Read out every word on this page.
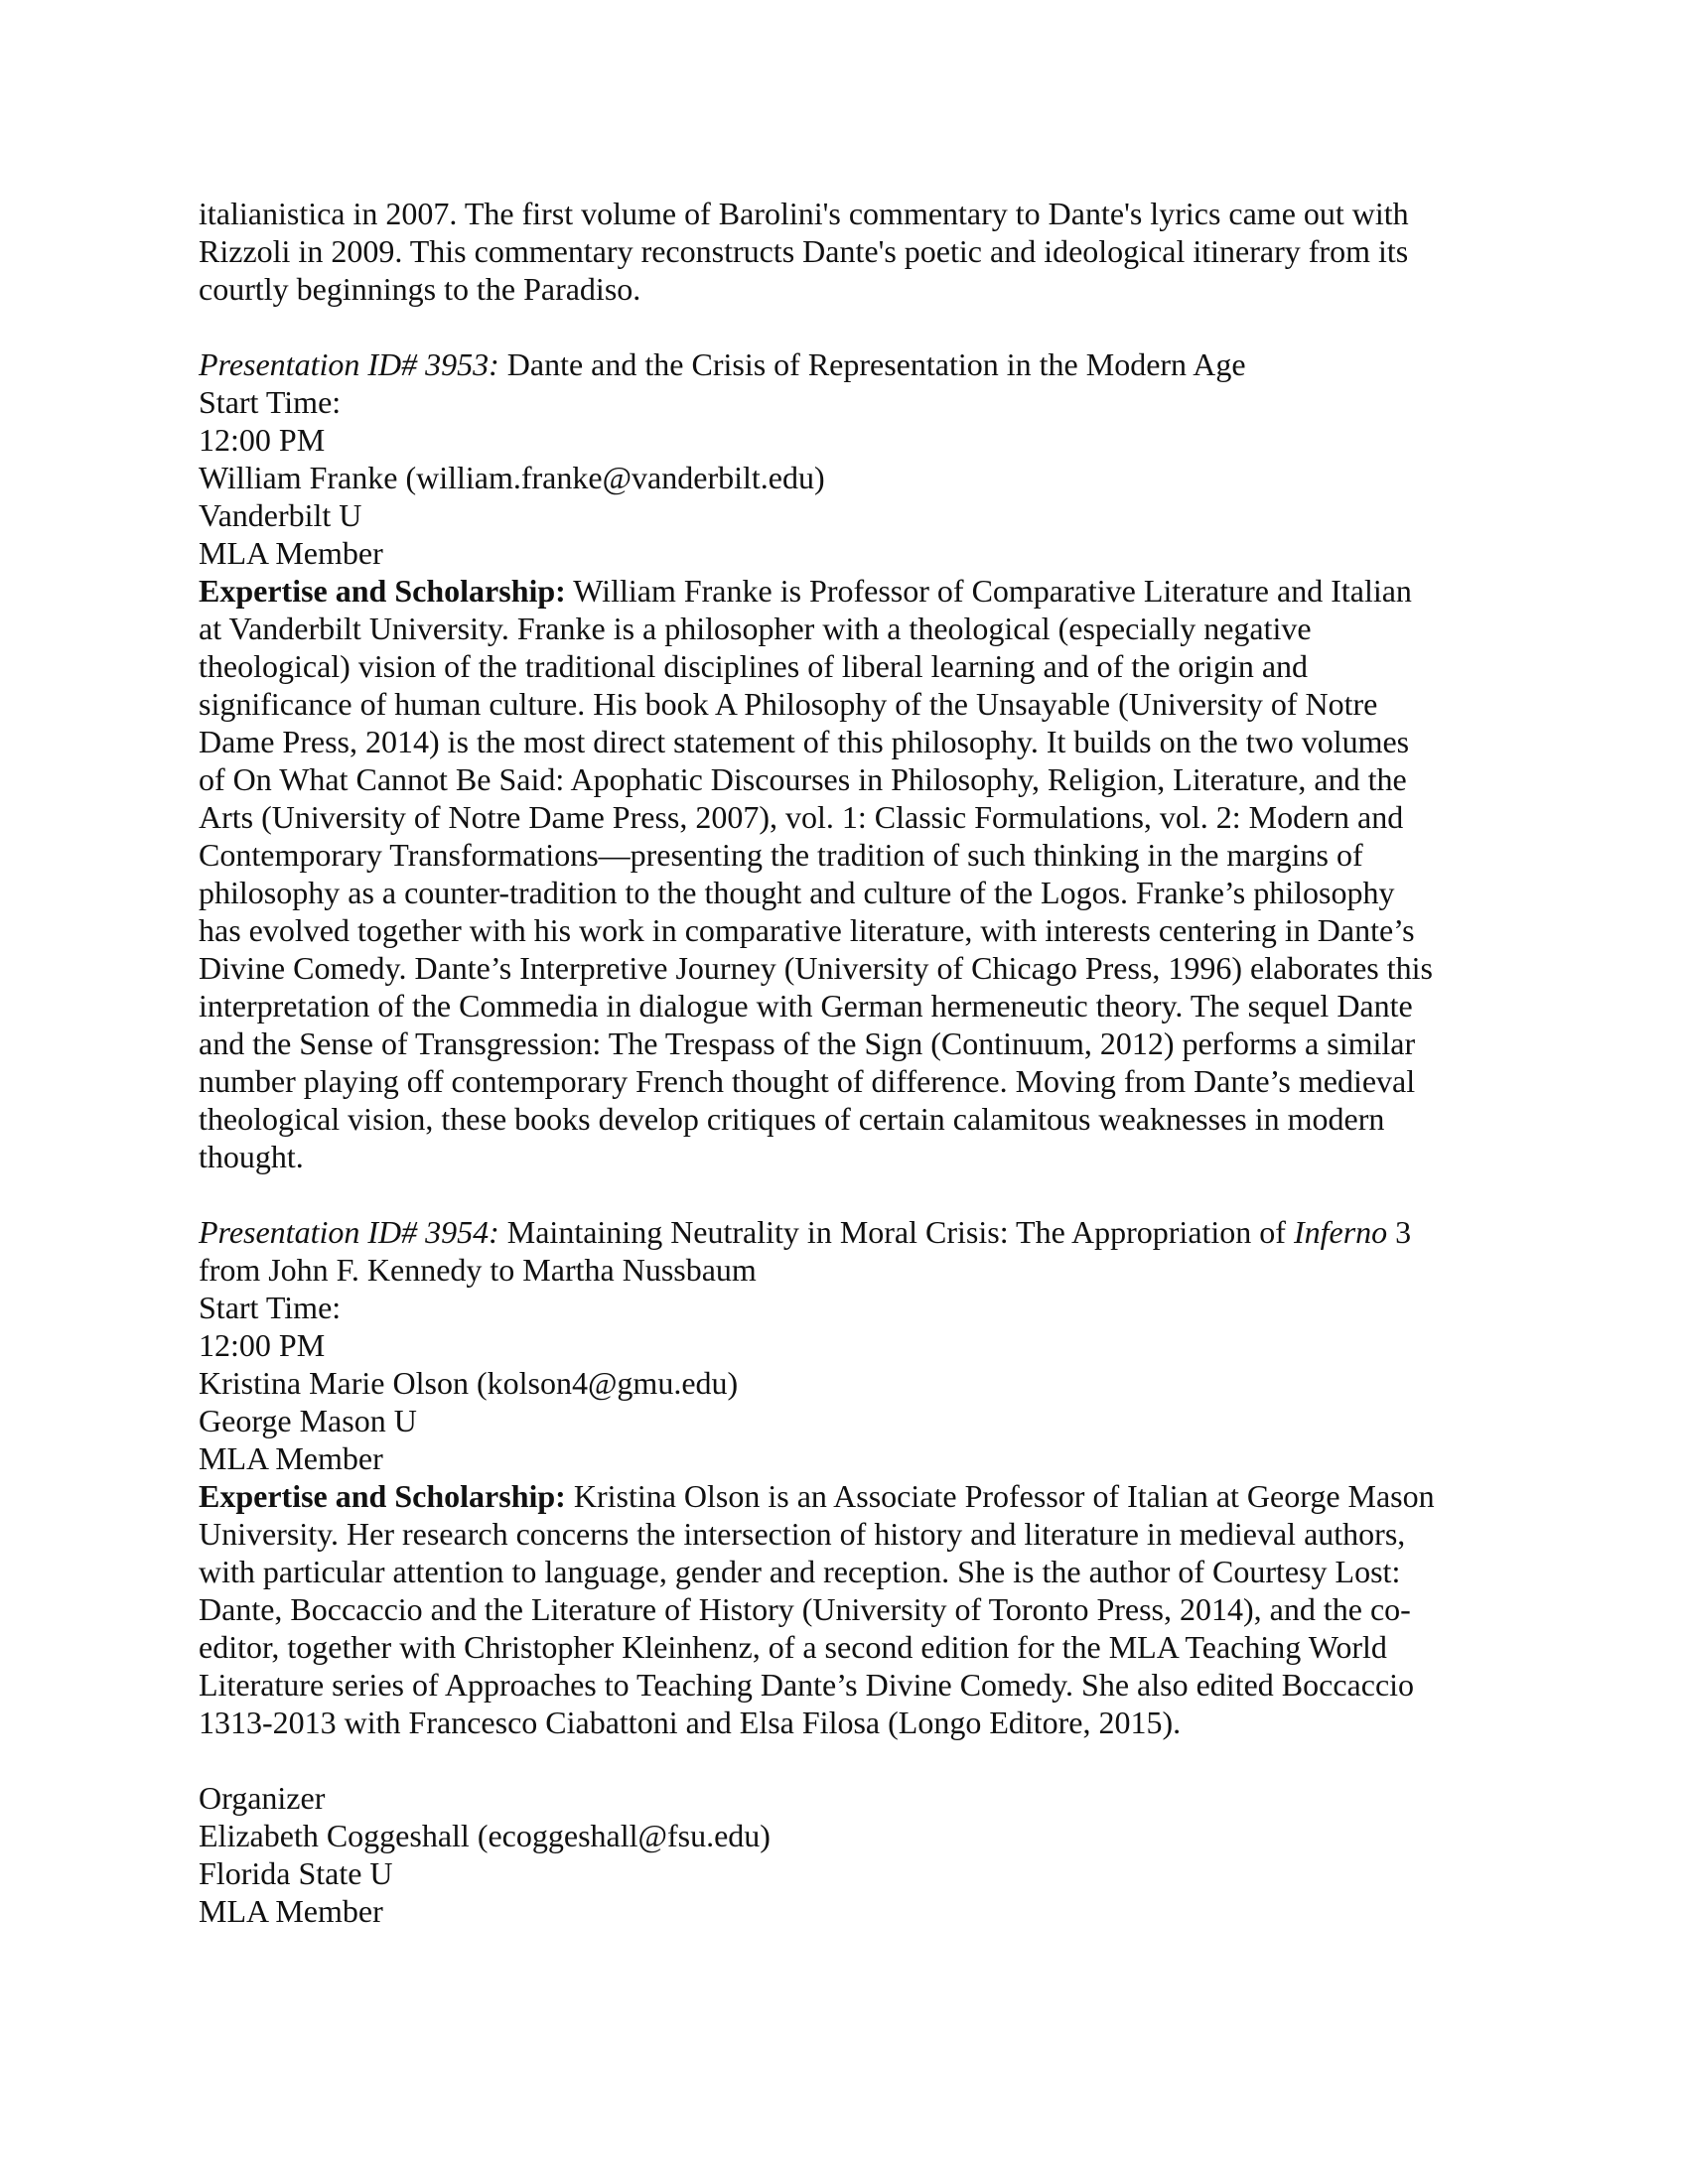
italianistica in 2007. The first volume of Barolini's commentary to Dante's lyrics came out with
Rizzoli in 2009. This commentary reconstructs Dante's poetic and ideological itinerary from its
courtly beginnings to the Paradiso.
Presentation ID# 3953: Dante and the Crisis of Representation in the Modern Age
Start Time:
12:00 PM
William Franke (william.franke@vanderbilt.edu)
Vanderbilt U
MLA Member
Expertise and Scholarship: William Franke is Professor of Comparative Literature and Italian
at Vanderbilt University. Franke is a philosopher with a theological (especially negative
theological) vision of the traditional disciplines of liberal learning and of the origin and
significance of human culture. His book A Philosophy of the Unsayable (University of Notre
Dame Press, 2014) is the most direct statement of this philosophy. It builds on the two volumes
of On What Cannot Be Said: Apophatic Discourses in Philosophy, Religion, Literature, and the
Arts (University of Notre Dame Press, 2007), vol. 1: Classic Formulations, vol. 2: Modern and
Contemporary Transformations—presenting the tradition of such thinking in the margins of
philosophy as a counter-tradition to the thought and culture of the Logos. Franke’s philosophy
has evolved together with his work in comparative literature, with interests centering in Dante’s
Divine Comedy. Dante’s Interpretive Journey (University of Chicago Press, 1996) elaborates this
interpretation of the Commedia in dialogue with German hermeneutic theory. The sequel Dante
and the Sense of Transgression: The Trespass of the Sign (Continuum, 2012) performs a similar
number playing off contemporary French thought of difference. Moving from Dante’s medieval
theological vision, these books develop critiques of certain calamitous weaknesses in modern
thought.
Presentation ID# 3954: Maintaining Neutrality in Moral Crisis: The Appropriation of Inferno 3
from John F. Kennedy to Martha Nussbaum
Start Time:
12:00 PM
Kristina Marie Olson (kolson4@gmu.edu)
George Mason U
MLA Member
Expertise and Scholarship: Kristina Olson is an Associate Professor of Italian at George Mason
University. Her research concerns the intersection of history and literature in medieval authors,
with particular attention to language, gender and reception. She is the author of Courtesy Lost:
Dante, Boccaccio and the Literature of History (University of Toronto Press, 2014), and the co-
editor, together with Christopher Kleinhenz, of a second edition for the MLA Teaching World
Literature series of Approaches to Teaching Dante’s Divine Comedy. She also edited Boccaccio
1313-2013 with Francesco Ciabattoni and Elsa Filosa (Longo Editore, 2015).
Organizer
Elizabeth Coggeshall (ecoggeshall@fsu.edu)
Florida State U
MLA Member
